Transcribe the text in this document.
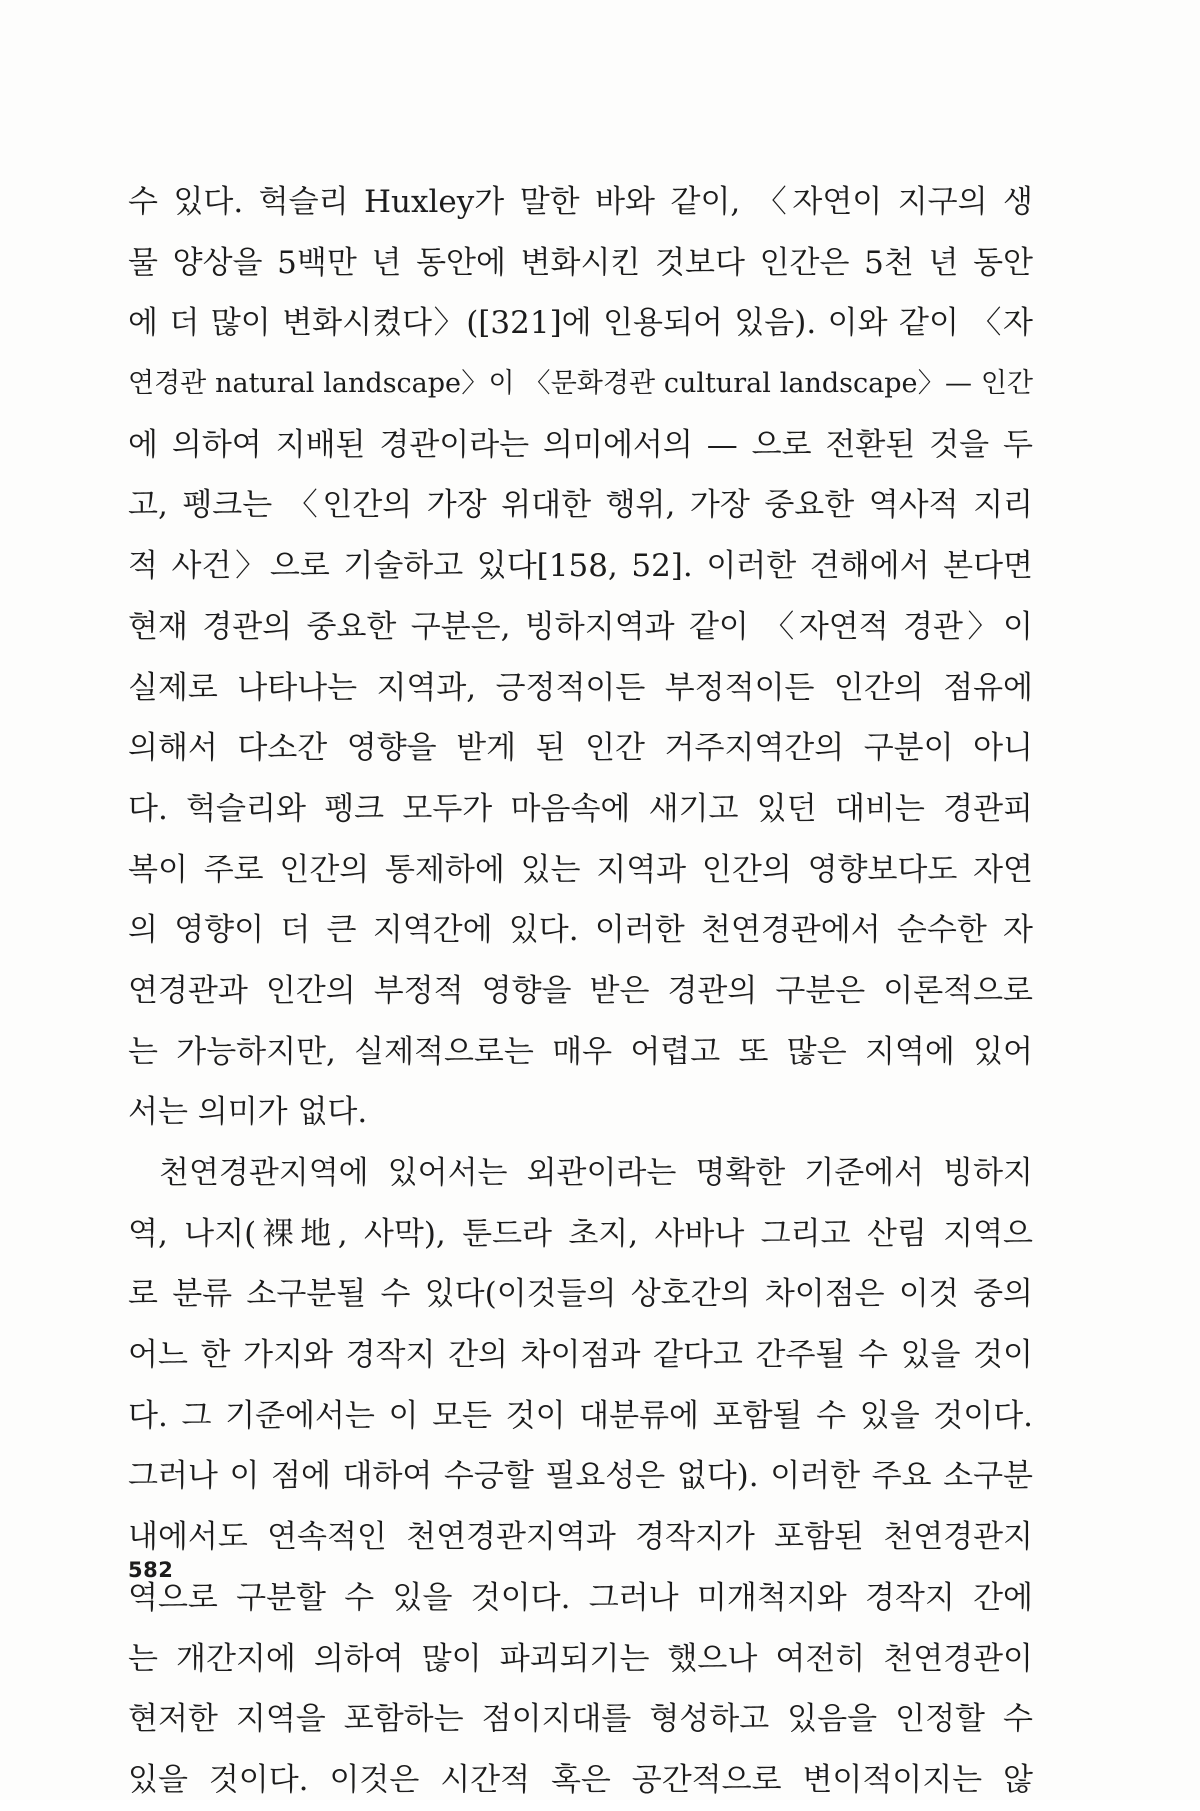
수 있다. 헉슬리 Huxley가 말한 바와 같이, 〈자연이 지구의 생
물 양상을 5백만 년 동안에 변화시킨 것보다 인간은 5천 년 동안
에 더 많이 변화시켰다〉([321]에 인용되어 있음). 이와 같이 〈자
연경관 natural landscape〉이 〈문화경관 cultural landscape〉— 인간
에 의하여 지배된 경관이라는 의미에서의 — 으로 전환된 것을 두
고, 펭크는 〈인간의 가장 위대한 행위, 가장 중요한 역사적 지리
적 사건〉으로 기술하고 있다[158, 52]. 이러한 견해에서 본다면
현재 경관의 중요한 구분은, 빙하지역과 같이 〈자연적 경관〉이
실제로 나타나는 지역과, 긍정적이든 부정적이든 인간의 점유에
의해서 다소간 영향을 받게 된 인간 거주지역간의 구분이 아니
다. 헉슬리와 펭크 모두가 마음속에 새기고 있던 대비는 경관피
복이 주로 인간의 통제하에 있는 지역과 인간의 영향보다도 자연
의 영향이 더 큰 지역간에 있다. 이러한 천연경관에서 순수한 자
연경관과 인간의 부정적 영향을 받은 경관의 구분은 이론적으로
는 가능하지만, 실제적으로는 매우 어렵고 또 많은 지역에 있어
서는 의미가 없다.
천연경관지역에 있어서는 외관이라는 명확한 기준에서 빙하지
역, 나지(裸地, 사막), 툰드라 초지, 사바나 그리고 산림 지역으
로 분류 소구분될 수 있다(이것들의 상호간의 차이점은 이것 중의
어느 한 가지와 경작지 간의 차이점과 같다고 간주될 수 있을 것이
다. 그 기준에서는 이 모든 것이 대분류에 포함될 수 있을 것이다.
그러나 이 점에 대하여 수긍할 필요성은 없다). 이러한 주요 소구분
내에서도 연속적인 천연경관지역과 경작지가 포함된 천연경관지
역으로 구분할 수 있을 것이다. 그러나 미개척지와 경작지 간에
는 개간지에 의하여 많이 파괴되기는 했으나 여전히 천연경관이
현저한 지역을 포함하는 점이지대를 형성하고 있음을 인정할 수
있을 것이다. 이것은 시간적 혹은 공간적으로 변이적이지는 않
582
